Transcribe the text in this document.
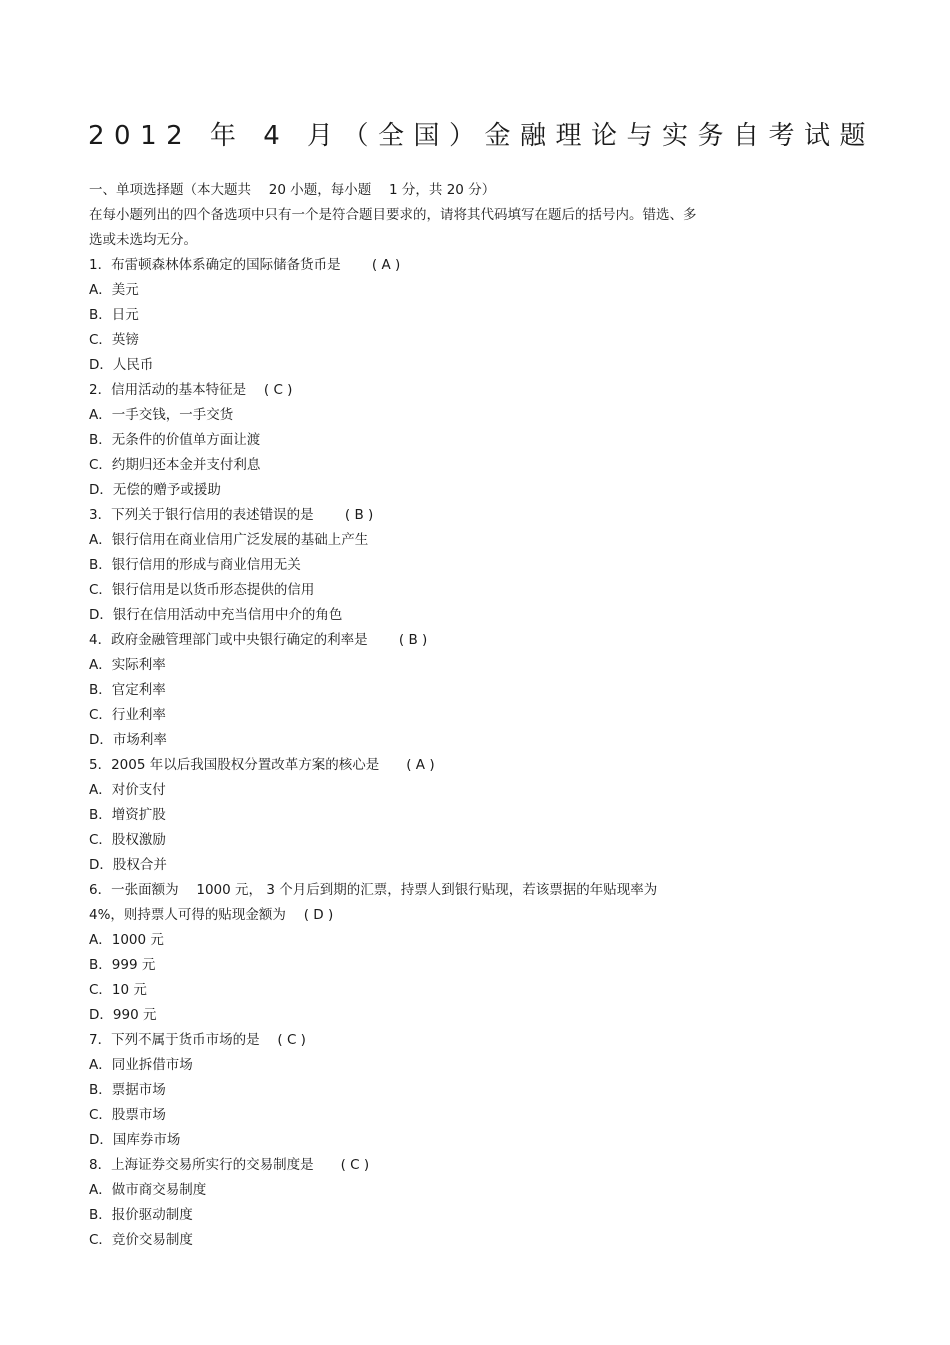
2012 年 4 月（全国）金融理论与实务自考试题
一、单项选择题（本大题共　 20 小题，每小题　 1 分，共 20 分）
在每小题列出的四个备选项中只有一个是符合题目要求的，请将其代码填写在题后的括号内。错选、多
选或未选均无分。
1．布雷顿森林体系确定的国际储备货币是　　 ( A )
A．美元
B．日元
C．英镑
D．人民币
2．信用活动的基本特征是　 ( C )
A．一手交钱，一手交货
B．无条件的价值单方面让渡
C．约期归还本金并支付利息
D．无偿的赠予或援助
3．下列关于银行信用的表述错误的是　　 ( B )
A．银行信用在商业信用广泛发展的基础上产生
B．银行信用的形成与商业信用无关
C．银行信用是以货币形态提供的信用
D．银行在信用活动中充当信用中介的角色
4．政府金融管理部门或中央银行确定的利率是　　 ( B )
A．实际利率
B．官定利率
C．行业利率
D．市场利率
5．2005 年以后我国股权分置改革方案的核心是　　( A )
A．对价支付
B．增资扩股
C．股权激励
D．股权合并
6．一张面额为　 1000 元， 3 个月后到期的汇票，持票人到银行贴现，若该票据的年贴现率为
4%，则持票人可得的贴现金额为　 ( D )
A．1000 元
B．999 元
C．10 元
D．990 元
7．下列不属于货币市场的是　 ( C )
A．同业拆借市场
B．票据市场
C．股票市场
D．国库券市场
8．上海证券交易所实行的交易制度是　　( C )
A．做市商交易制度
B．报价驱动制度
C．竞价交易制度
